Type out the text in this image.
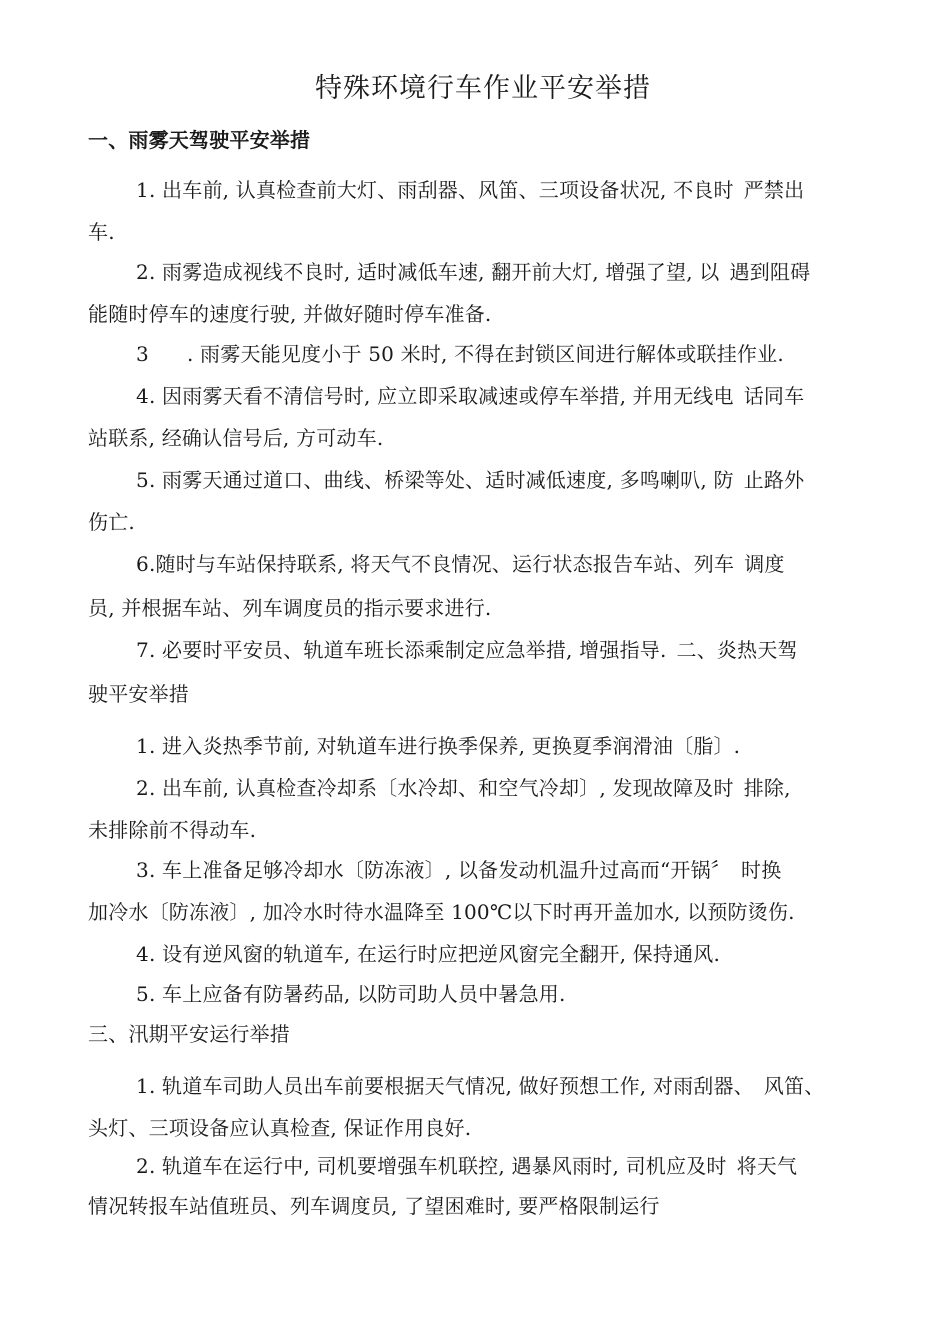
特殊环境行车作业平安举措
一、雨雾天驾驶平安举措
1. 出车前, 认真检查前大灯、雨刮器、风笛、三项设备状况, 不良时 严禁出
车.
2. 雨雾造成视线不良时, 适时减低车速, 翻开前大灯, 增强了望, 以 遇到阻碍
能随时停车的速度行驶, 并做好随时停车准备.
3 . 雨雾天能见度小于 50 米时, 不得在封锁区间进行解体或联挂作业.
4. 因雨雾天看不清信号时, 应立即采取减速或停车举措, 并用无线电 话同车
站联系, 经确认信号后, 方可动车.
5. 雨雾天通过道口、曲线、桥梁等处、适时减低速度, 多鸣喇叭, 防 止路外
伤亡.
6.随时与车站保持联系, 将天气不良情况、运行状态报告车站、列车 调度
员, 并根据车站、列车调度员的指示要求进行.
7. 必要时平安员、轨道车班长添乘制定应急举措, 增强指导. 二、炎热天驾
驶平安举措
1. 进入炎热季节前, 对轨道车进行换季保养, 更换夏季润滑油〔脂〕.
2. 出车前, 认真检查冷却系〔水冷却、和空气冷却〕, 发现故障及时 排除,
未排除前不得动车.
3. 车上准备足够冷却水〔防冻液〕, 以备发动机温升过高而“开锅〞 时换
加冷水〔防冻液〕, 加冷水时待水温降至 100℃以下时再开盖加水, 以预防烫伤.
4. 设有逆风窗的轨道车, 在运行时应把逆风窗完全翻开, 保持通风.
5. 车上应备有防暑药品, 以防司助人员中暑急用.
三、汛期平安运行举措
1. 轨道车司助人员出车前要根据天气情况, 做好预想工作, 对雨刮器、 风笛、
头灯、三项设备应认真检查, 保证作用良好.
2. 轨道车在运行中, 司机要增强车机联控, 遇暴风雨时, 司机应及时 将天气
情况转报车站值班员、列车调度员, 了望困难时, 要严格限制运行
